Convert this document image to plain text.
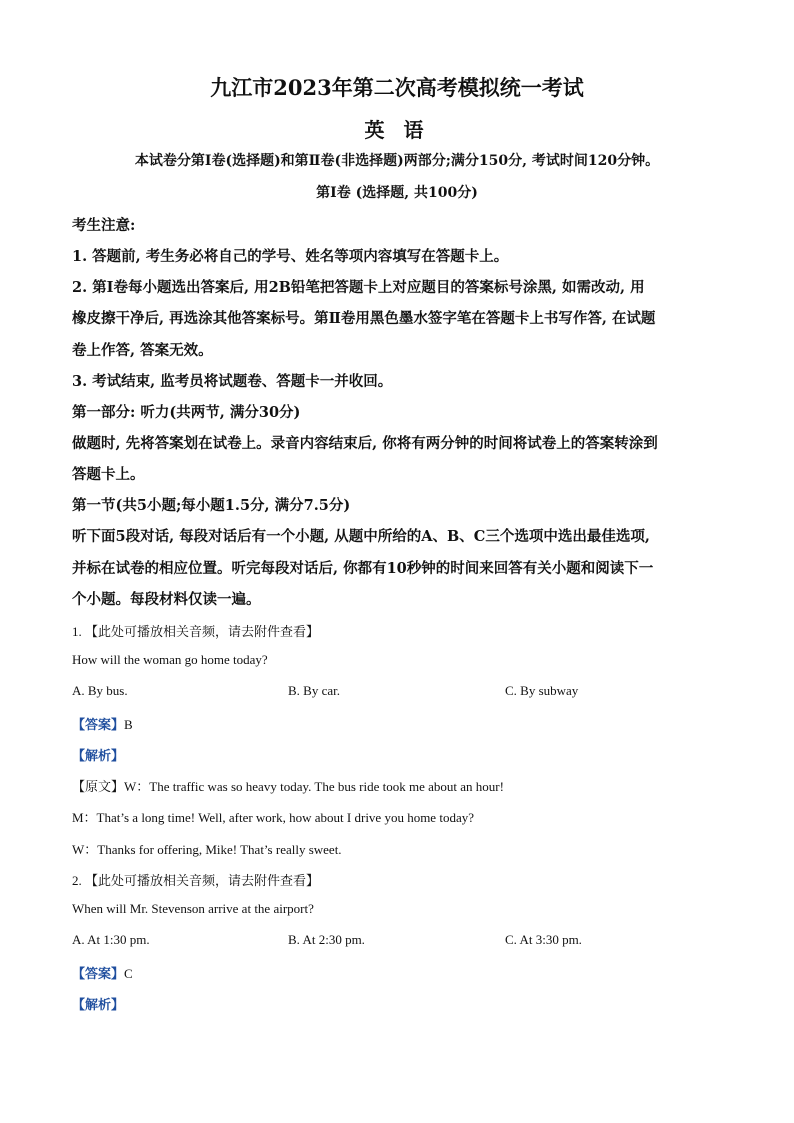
九江市2023年第二次高考模拟统一考试
英 语
本试卷分第Ⅰ卷(选择题)和第Ⅱ卷(非选择题)两部分;满分150分, 考试时间120分钟。
第Ⅰ卷 (选择题, 共100分)
考生注意:
1. 答题前, 考生务必将自己的学号、姓名等项内容填写在答题卡上。
2. 第Ⅰ卷每小题选出答案后, 用2B铅笔把答题卡上对应题目的答案标号涂黑, 如需改动, 用
橡皮擦干净后, 再选涂其他答案标号。第Ⅱ卷用黑色墨水签字笔在答题卡上书写作答, 在试题
卷上作答, 答案无效。
3. 考试结束, 监考员将试题卷、答题卡一并收回。
第一部分: 听力(共两节, 满分30分)
做题时, 先将答案划在试卷上。录音内容结束后, 你将有两分钟的时间将试卷上的答案转涂到
答题卡上。
第一节(共5小题;每小题1.5分, 满分7.5分)
听下面5段对话, 每段对话后有一个小题, 从题中所给的A、B、C三个选项中选出最佳选项,
并标在试卷的相应位置。听完每段对话后, 你都有10秒钟的时间来回答有关小题和阅读下一
个小题。每段材料仅读一遍。
1. 【此处可播放相关音频，请去附件查看】
How will the woman go home today?
A. By bus.	B. By car.	C. By subway
【答案】B
【解析】
【原文】W：The traffic was so heavy today. The bus ride took me about an hour!
M：That’s a long time! Well, after work, how about I drive you home today?
W：Thanks for offering, Mike! That’s really sweet.
2. 【此处可播放相关音频，请去附件查看】
When will Mr. Stevenson arrive at the airport?
A. At 1:30 pm.	B. At 2:30 pm.	C. At 3:30 pm.
【答案】C
【解析】
